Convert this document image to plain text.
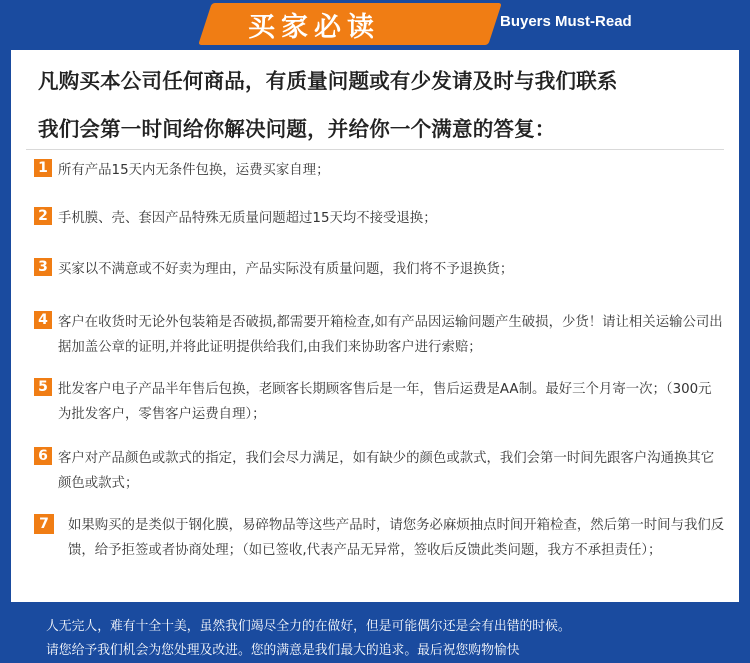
买家必读	Buyers Must-Read
凡购买本公司任何商品，有质量问题或有少发请及时与我们联系
我们会第一时间给你解决问题，并给你一个满意的答复：
1 所有产品15天内无条件包换，运费买家自理；
2 手机膜、壳、套因产品特殊无质量问题超过15天均不接受退换；
3 买家以不满意或不好卖为理由，产品实际没有质量问题，我们将不予退换货；
4 客户在收货时无论外包装箱是否破损,都需要开箱检查,如有产品因运输问题产生破损，少货！请让相关运输公司出据加盖公章的证明,并将此证明提供给我们,由我们来协助客户进行索赔；
5 批发客户电子产品半年售后包换，老顾客长期顾客售后是一年，售后运费是AA制。最好三个月寄一次；（300元为批发客户，零售客户运费自理）；
6 客户对产品颜色或款式的指定，我们会尽力满足，如有缺少的颜色或款式，我们会第一时间先跟客户沟通换其它颜色或款式；
7	如果购买的是类似于钢化膜，易碎物品等这些产品时，请您务必麻烦抽点时间开箱检查，然后第一时间与我们反馈，给予拒签或者协商处理；（如已签收,代表产品无异常，签收后反馈此类问题，我方不承担责任）；
人无完人，难有十全十美，虽然我们竭尽全力的在做好，但是可能偶尔还是会有出错的时候。
请您给予我们机会为您处理及改进。您的满意是我们最大的追求。最后祝您购物愉快
